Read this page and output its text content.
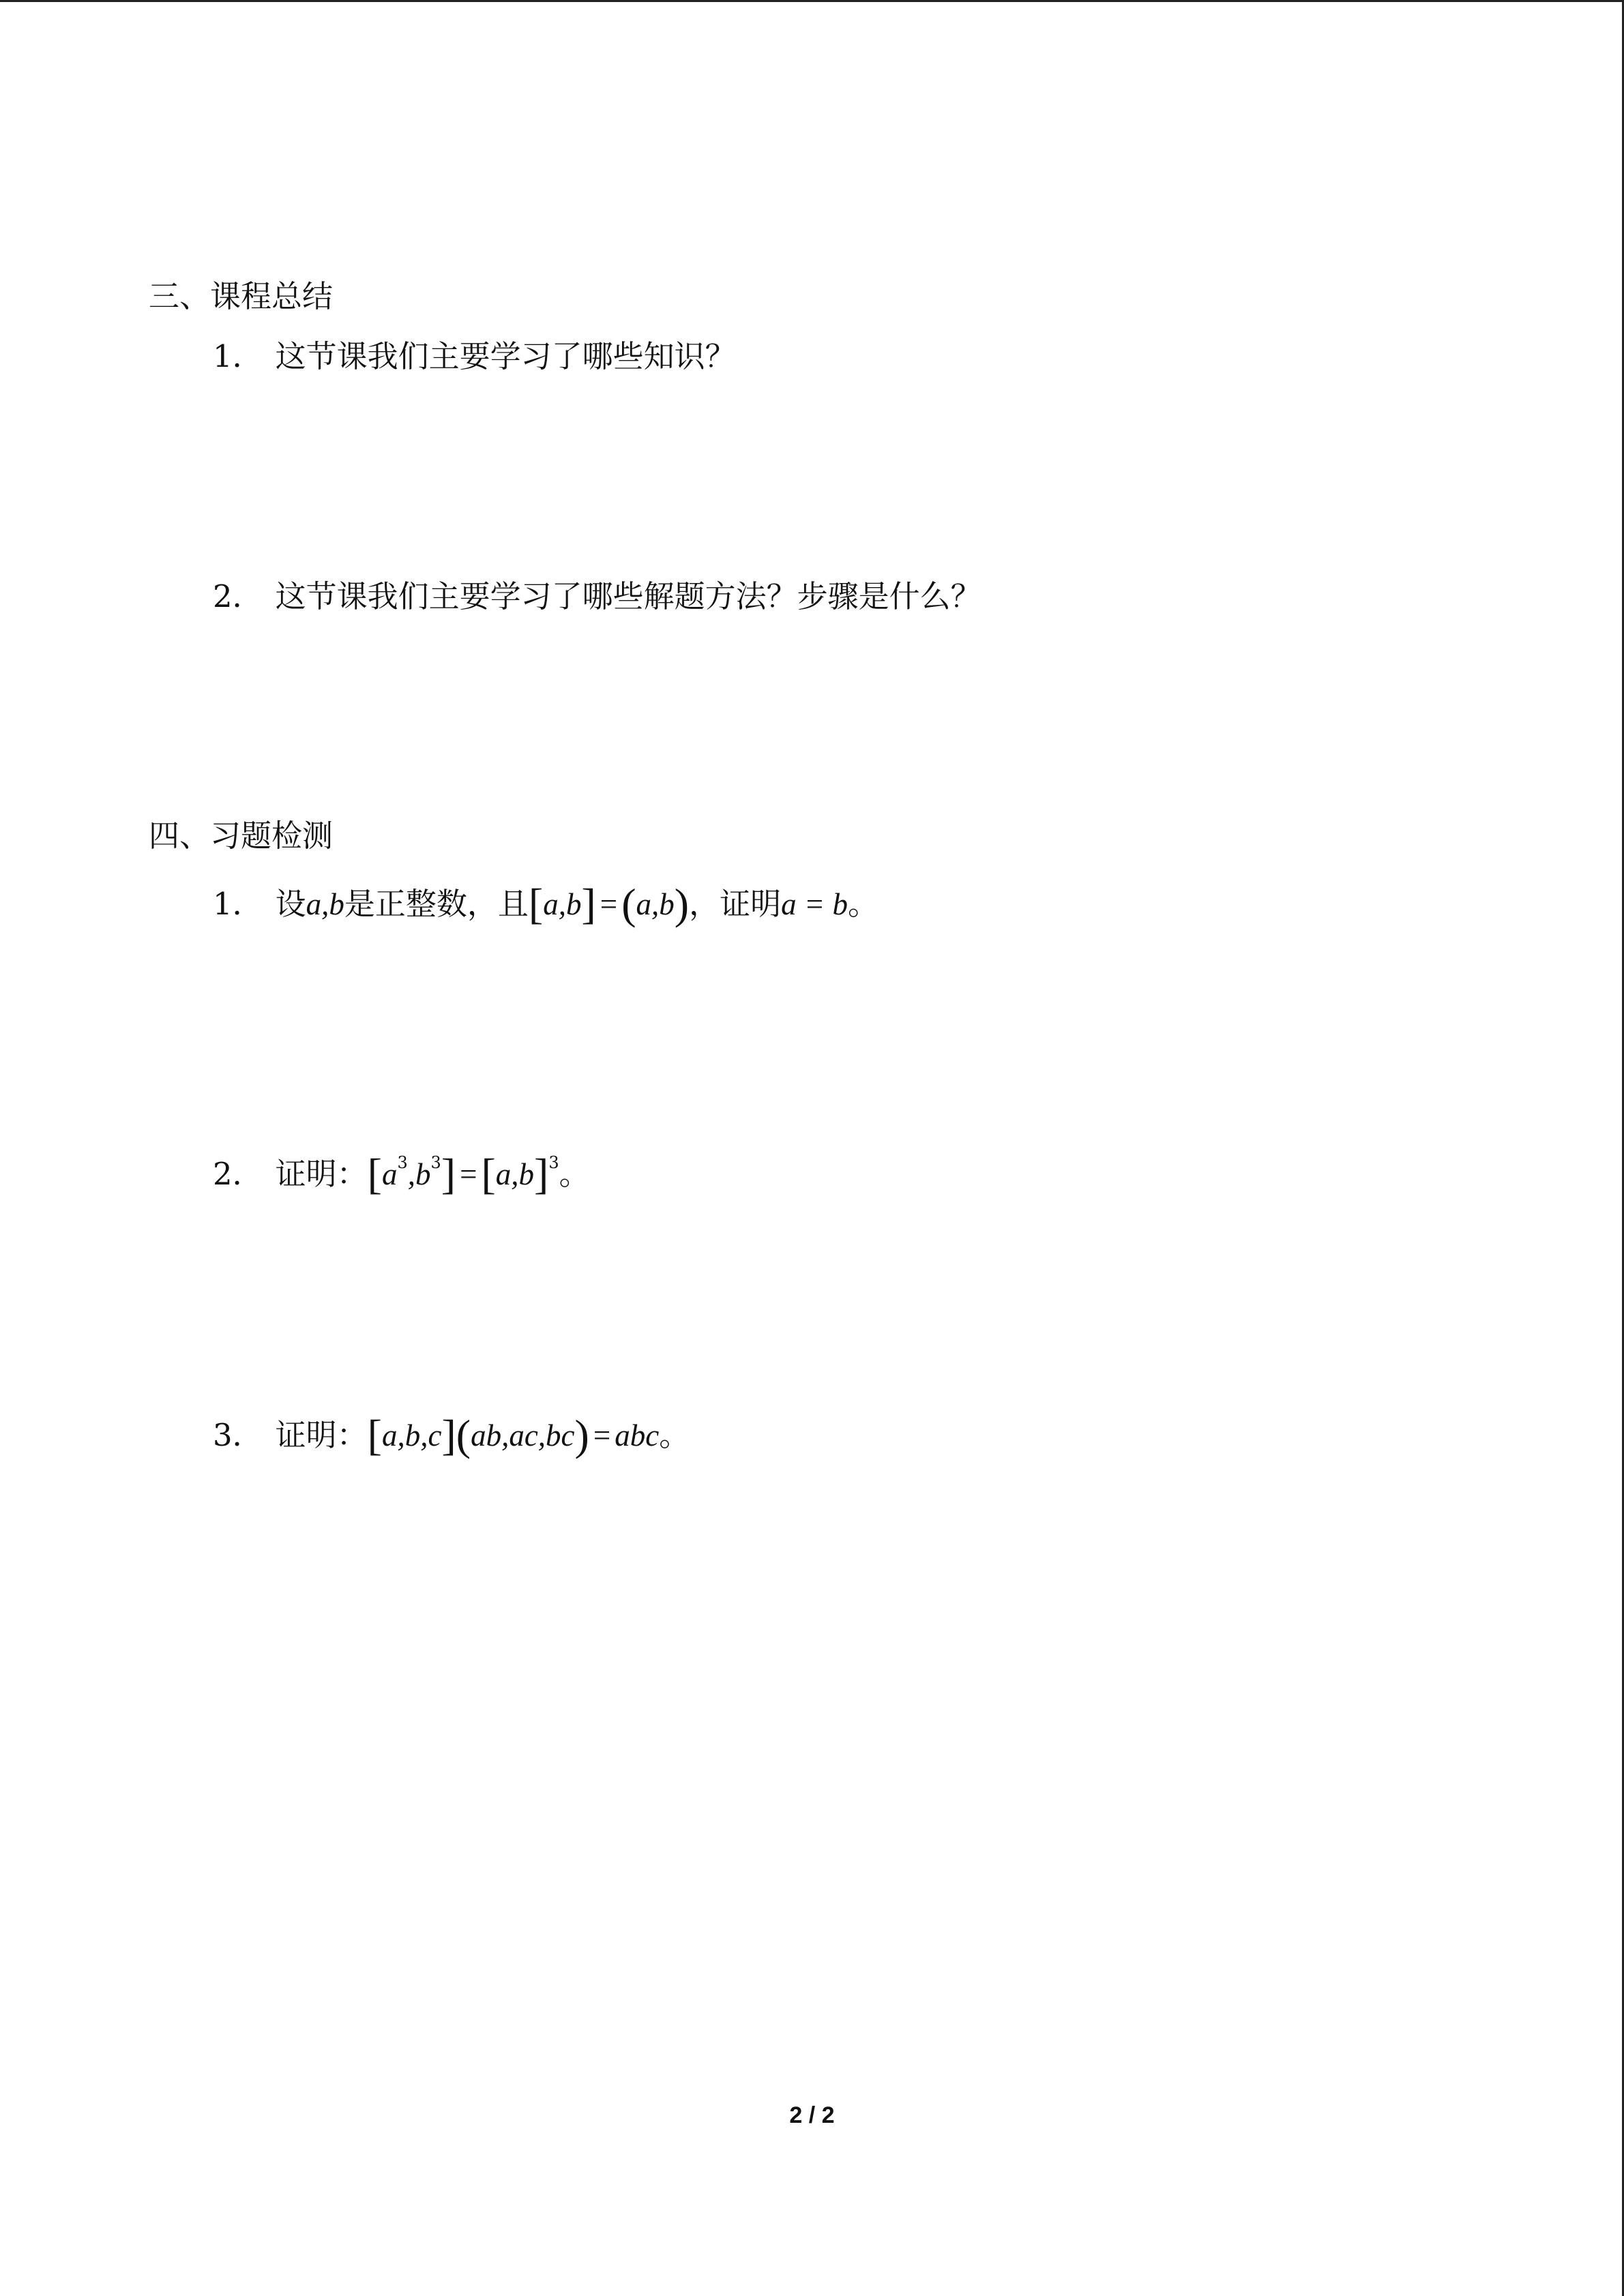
三、课程总结
1． 这节课我们主要学习了哪些知识？
2． 这节课我们主要学习了哪些解题方法？步骤是什么？
四、习题检测
1． 设a,b是正整数，且[a,b] =(a,b)，证明a = b。
2． 证明：$[a^3,b^3] =[a,b]^3$。
3． 证明：[a,b,c](ab,ac,bc) = abc。
2 / 2
